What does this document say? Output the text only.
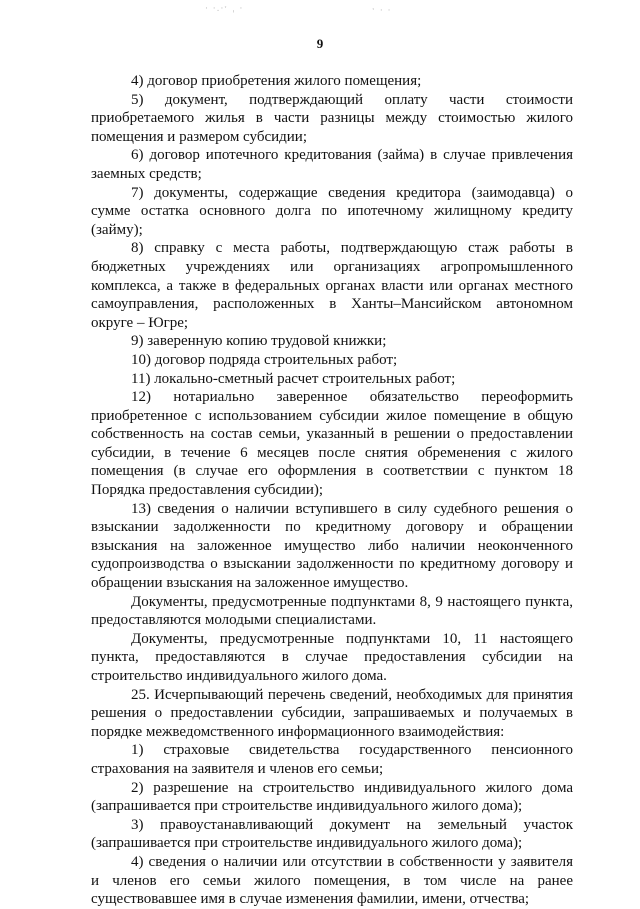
· ·.·ˑ ˌ ·	ˑ · ·
9

4) договор приобретения жилого помещения;

5) документ, подтверждающий оплату части стоимости приобретаемого жилья в части разницы между стоимостью жилого помещения и размером субсидии;

6) договор ипотечного кредитования (займа) в случае привлечения заемных средств;

7) документы, содержащие сведения кредитора (заимодавца) о сумме остатка основного долга по ипотечному жилищному кредиту (займу);

8) справку с места работы, подтверждающую стаж работы в бюджетных учреждениях или организациях агропромышленного комплекса, а также в федеральных органах власти или органах местного самоуправления, расположенных в Ханты–Мансийском автономном округе – Югре;

9) заверенную копию трудовой книжки;

10) договор подряда строительных работ;

11) локально-сметный расчет строительных работ;

12) нотариально заверенное обязательство переоформить приобретенное с использованием субсидии жилое помещение в общую собственность на состав семьи, указанный в решении о предоставлении субсидии, в течение 6 месяцев после снятия обременения с жилого помещения (в случае его оформления в соответствии с пунктом 18 Порядка предоставления субсидии);

13) сведения о наличии вступившего в силу судебного решения о взыскании задолженности по кредитному договору и обращении взыскания на заложенное имущество либо наличии неоконченного судопроизводства о взыскании задолженности по кредитному договору и обращении взыскания на заложенное имущество.

Документы, предусмотренные подпунктами 8, 9 настоящего пункта, предоставляются молодыми специалистами.

Документы, предусмотренные подпунктами 10, 11 настоящего пункта, предоставляются в случае предоставления субсидии на строительство индивидуального жилого дома.

25. Исчерпывающий перечень сведений, необходимых для принятия решения о предоставлении субсидии, запрашиваемых и получаемых в порядке межведомственного информационного взаимодействия:

1) страховые свидетельства государственного пенсионного страхования на заявителя и членов его семьи;

2) разрешение на строительство индивидуального жилого дома (запрашивается при строительстве индивидуального жилого дома);

3) правоустанавливающий документ на земельный участок (запрашивается при строительстве индивидуального жилого дома);

4) сведения о наличии или отсутствии в собственности у заявителя и членов его семьи жилого помещения, в том числе на ранее существовавшее имя в случае изменения фамилии, имени, отчества;
